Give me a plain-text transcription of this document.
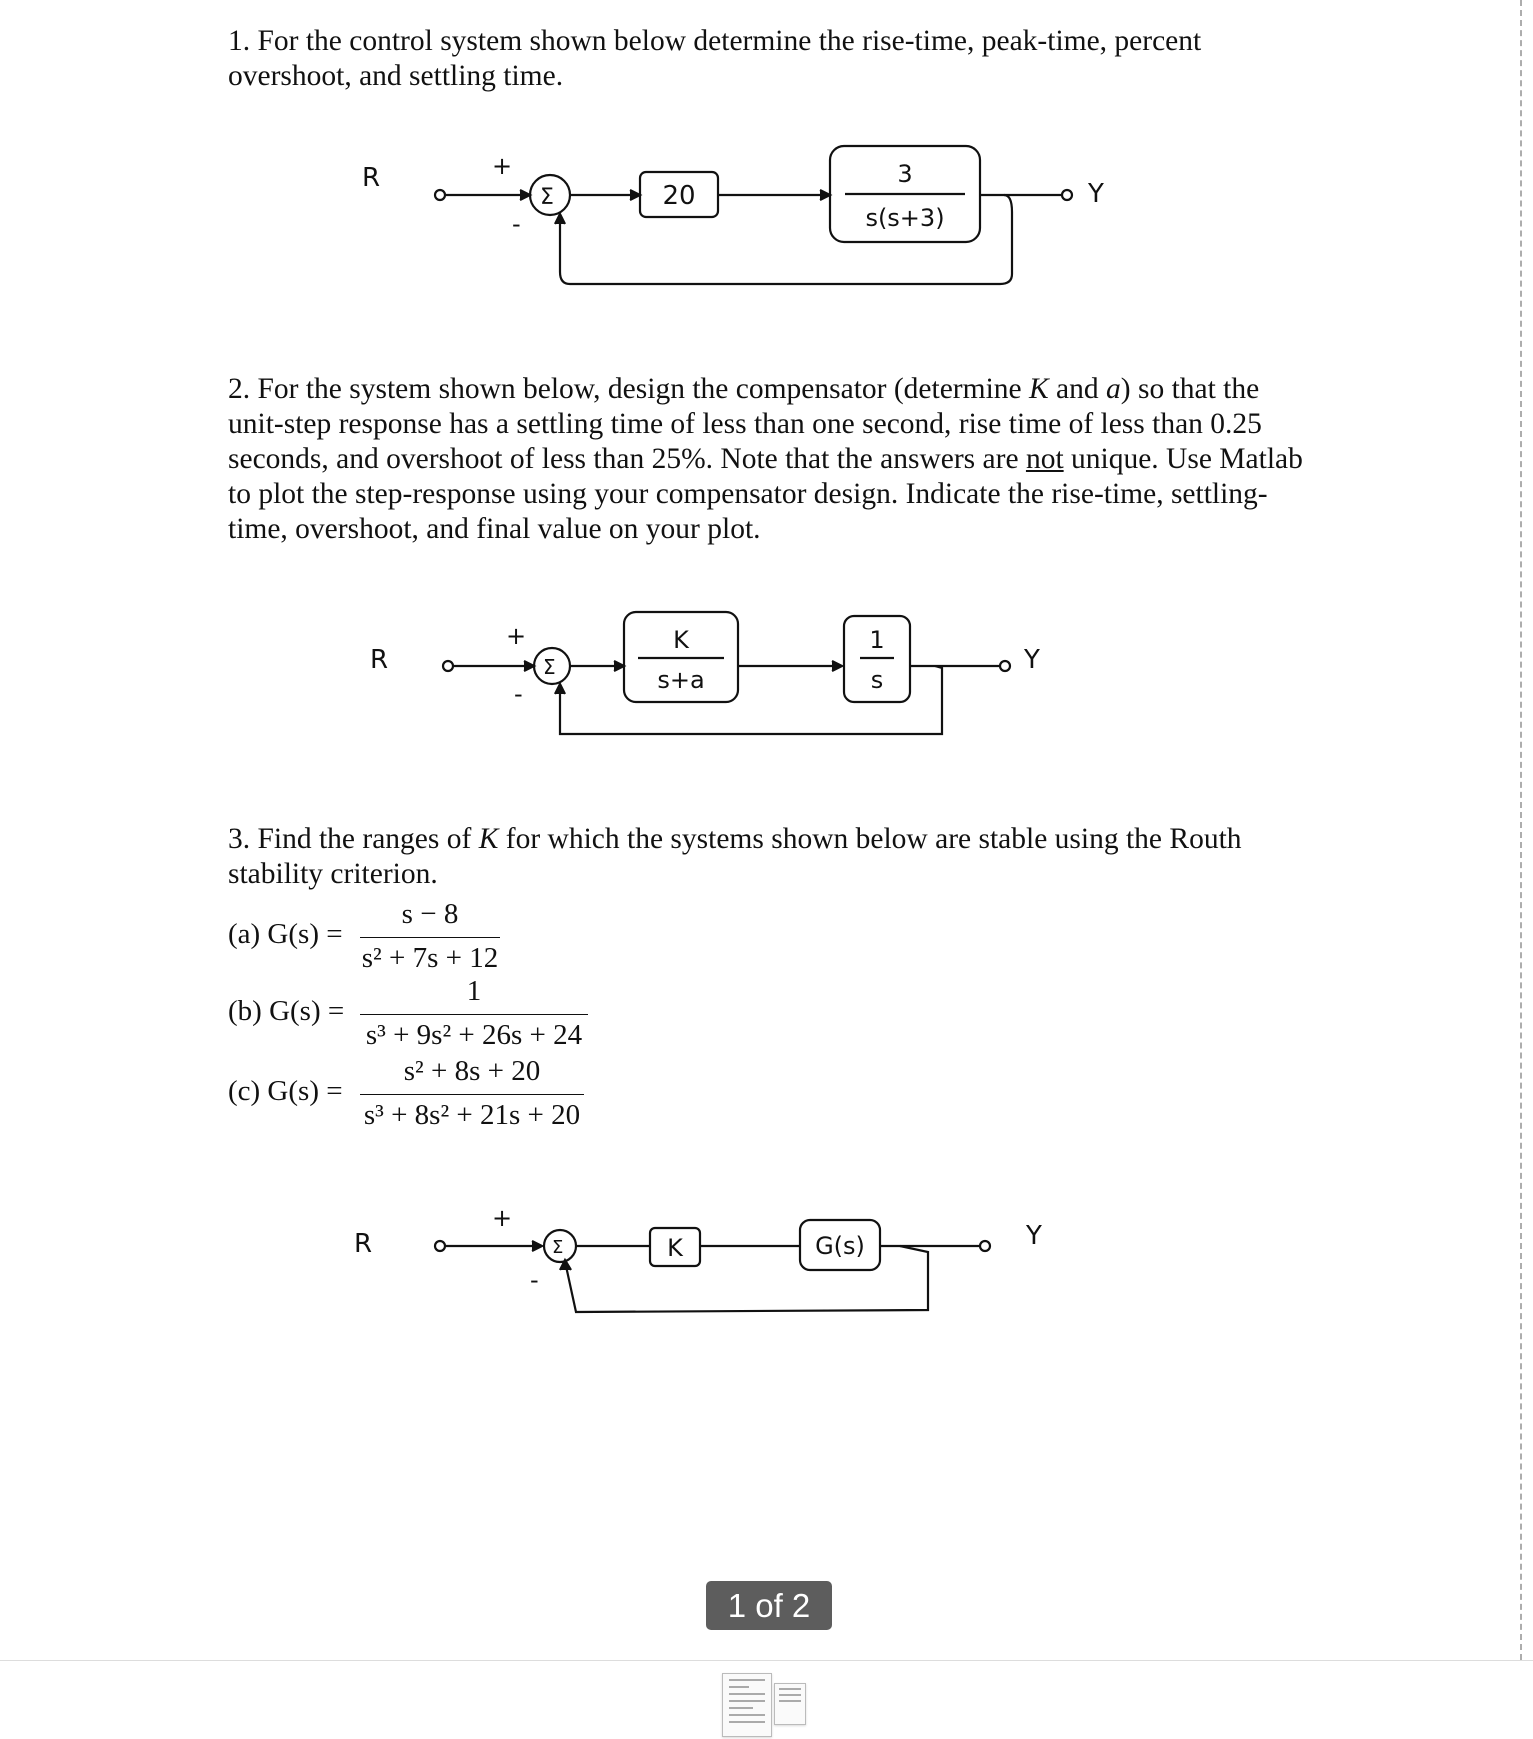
1. For the control system shown below determine the rise-time, peak-time, percent overshoot, and settling time.

R	+
-
Σ	20
3
s(s+3)
Y

2. For the system shown below, design the compensator (determine K and a) so that the unit-step response has a settling time of less than one second, rise time of less than 0.25 seconds, and overshoot of less than 25%. Note that the answers are not unique. Use Matlab to plot the step-response using your compensator design. Indicate the rise-time, settling-time, overshoot, and final value on your plot.

R
+
-
Σ
K
s+a
1
s
Y

3. Find the ranges of K for which the systems shown below are stable using the Routh stability criterion.

(a) G(s) =
s − 8
s² + 7s + 12
(b) G(s) =
1
s³ + 9s² + 26s + 24
(c) G(s) =
s² + 8s + 20
s³ + 8s² + 21s + 20
R
+
-
Σ	K	G(s)	Y
1 of 2
